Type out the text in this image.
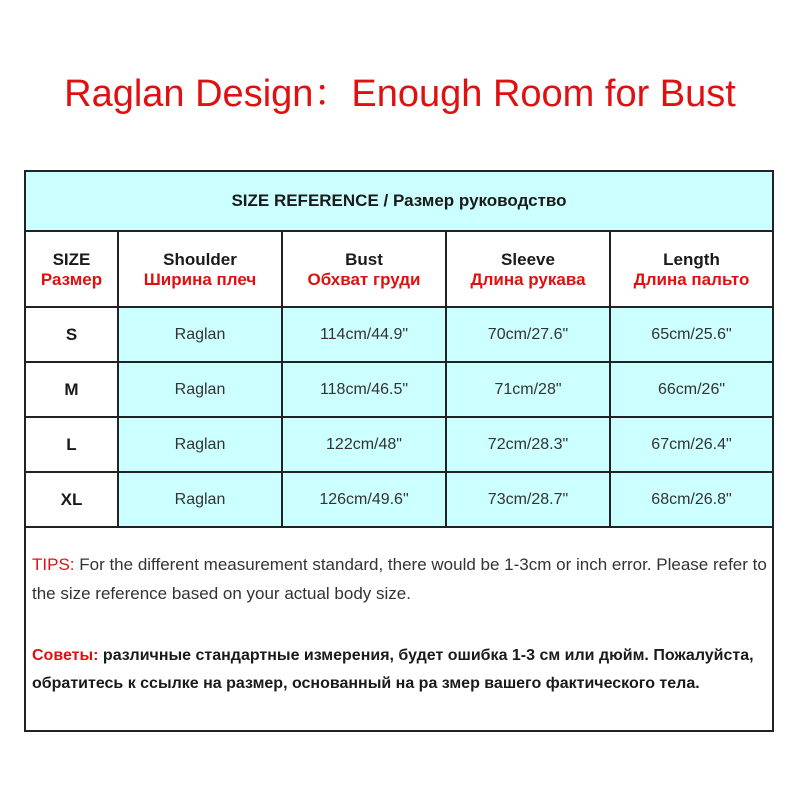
Raglan Design：Enough Room for Bust
SIZE REFERENCE / Размер руководство
SIZE	Shoulder	Bust	Sleeve	Length
Размер	Ширина плеч	Обхват груди	Длина рукава	Длина пальто
S	Raglan	114cm/44.9"	70cm/27.6"	65cm/25.6"
M	Raglan	118cm/46.5"	71cm/28"	66cm/26"
L	Raglan	122cm/48"	72cm/28.3"	67cm/26.4"
XL	Raglan	126cm/49.6"	73cm/28.7"	68cm/26.8"
TIPS: For the different measurement standard, there would be 1-3cm or inch error. Please refer to the size reference based on your actual body size.
Советы: различные стандартные измерения, будет ошибка 1-3 см или дюйм. Пожалуйста, обратитесь к ссылке на размер, основанный на ра змер вашего фактического тела.
